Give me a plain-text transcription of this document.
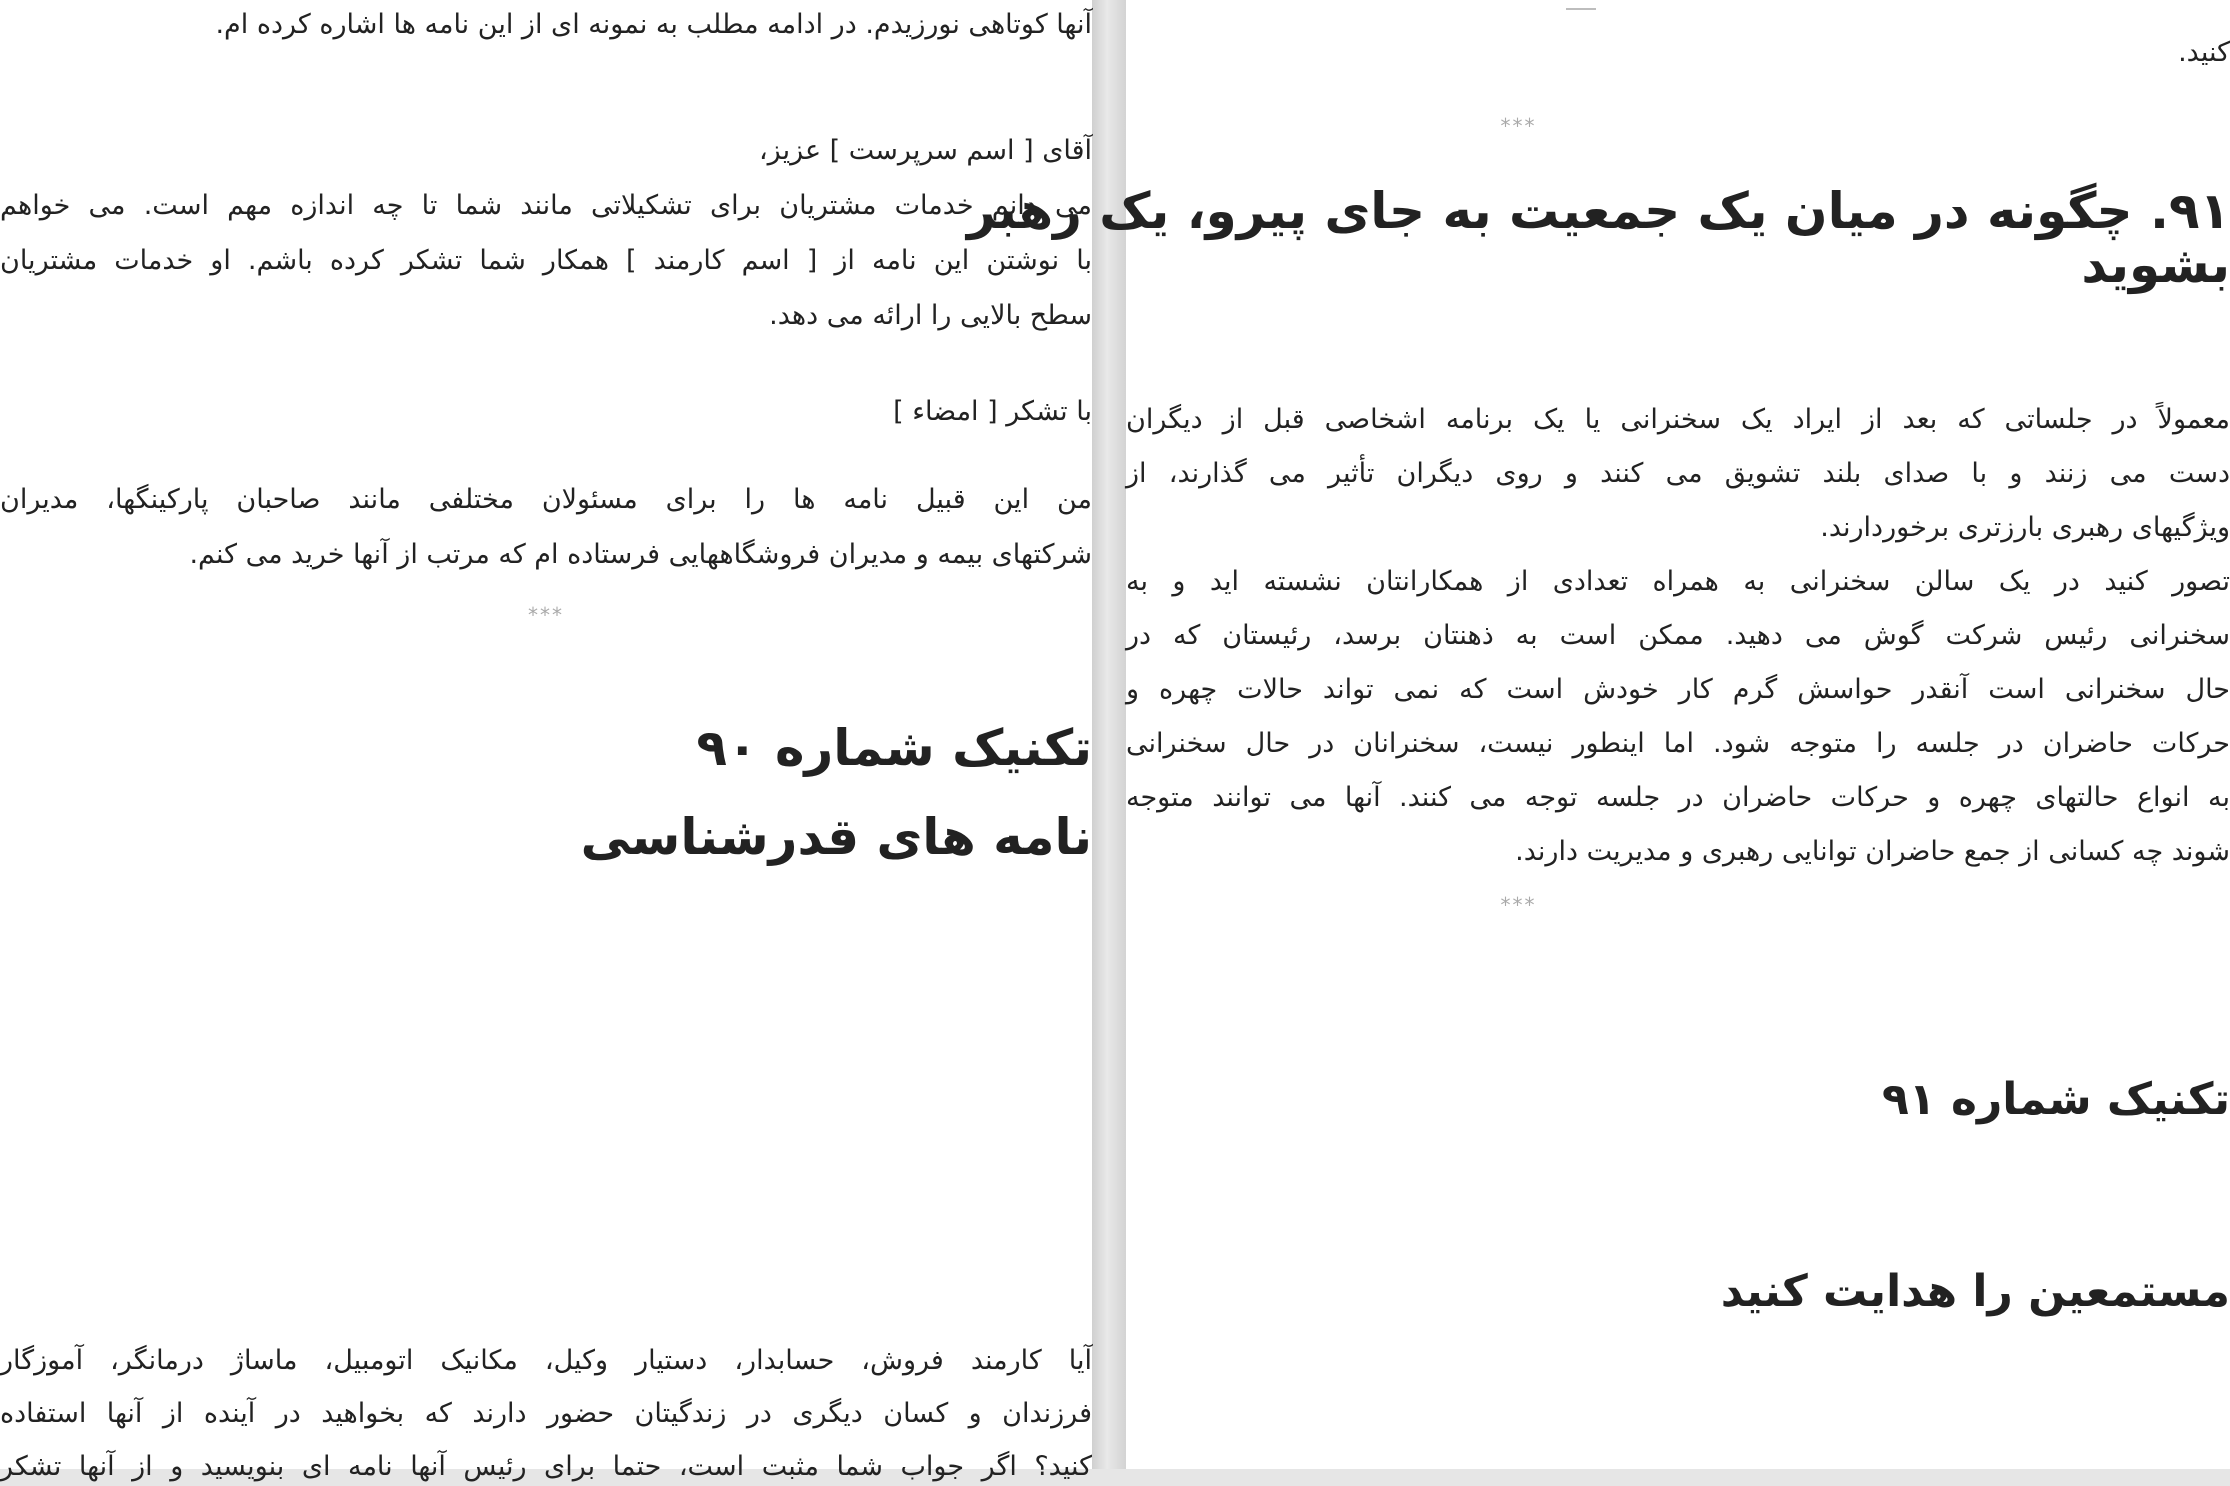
آنها کوتاهی نورزیدم. در ادامه مطلب به نمونه ای از این نامه ها اشاره کرده ام.

آقای [ اسم سرپرست ] عزیز،

می دانم خدمات مشتریان برای تشکیلاتی مانند شما تا چه اندازه مهم است. می خواهم

با نوشتن این نامه از [ اسم کارمند ] همکار شما تشکر کرده باشم. او خدمات مشتریان

سطح بالایی را ارائه می دهد.

با تشکر [ امضاء ]

من این قبیل نامه ها را برای مسئولان مختلفی مانند صاحبان پارکینگها، مدیران

شرکتهای بیمه و مدیران فروشگاههایی فرستاده ام که مرتب از آنها خرید می کنم.

***

تکنیک شماره ۹۰
نامه های قدرشناسی

آیا کارمند فروش، حسابدار، دستیار وکیل، مکانیک اتومبیل، ماساژ درمانگر، آموزگار

فرزندان و کسان دیگری در زندگیتان حضور دارند که بخواهید در آینده از آنها استفاده

کنید؟ اگر جواب شما مثبت است، حتما برای رئیس آنها نامه ای بنویسید و از آنها تشکر

کنید.

***

۹۱. چگونه در میان یک جمعیت به جای پیرو، یک رهبر
بشوید

معمولاً در جلساتی که بعد از ایراد یک سخنرانی یا یک برنامه اشخاصی قبل از دیگران

دست می زنند و با صدای بلند تشویق می کنند و روی دیگران تأثیر می گذارند، از

ویژگیهای رهبری بارزتری برخوردارند.

تصور کنید در یک سالن سخنرانی به همراه تعدادی از همکارانتان نشسته اید و به

سخنرانی رئیس شرکت گوش می دهید. ممکن است به ذهنتان برسد، رئیستان که در

حال سخنرانی است آنقدر حواسش گرم کار خودش است که نمی تواند حالات چهره و

حرکات حاضران در جلسه را متوجه شود. اما اینطور نیست، سخنرانان در حال سخنرانی

به انواع حالتهای چهره و حرکات حاضران در جلسه توجه می کنند. آنها می توانند متوجه

شوند چه کسانی از جمع حاضران توانایی رهبری و مدیریت دارند.

***

تکنیک شماره ۹۱
مستمعین را هدایت کنید
